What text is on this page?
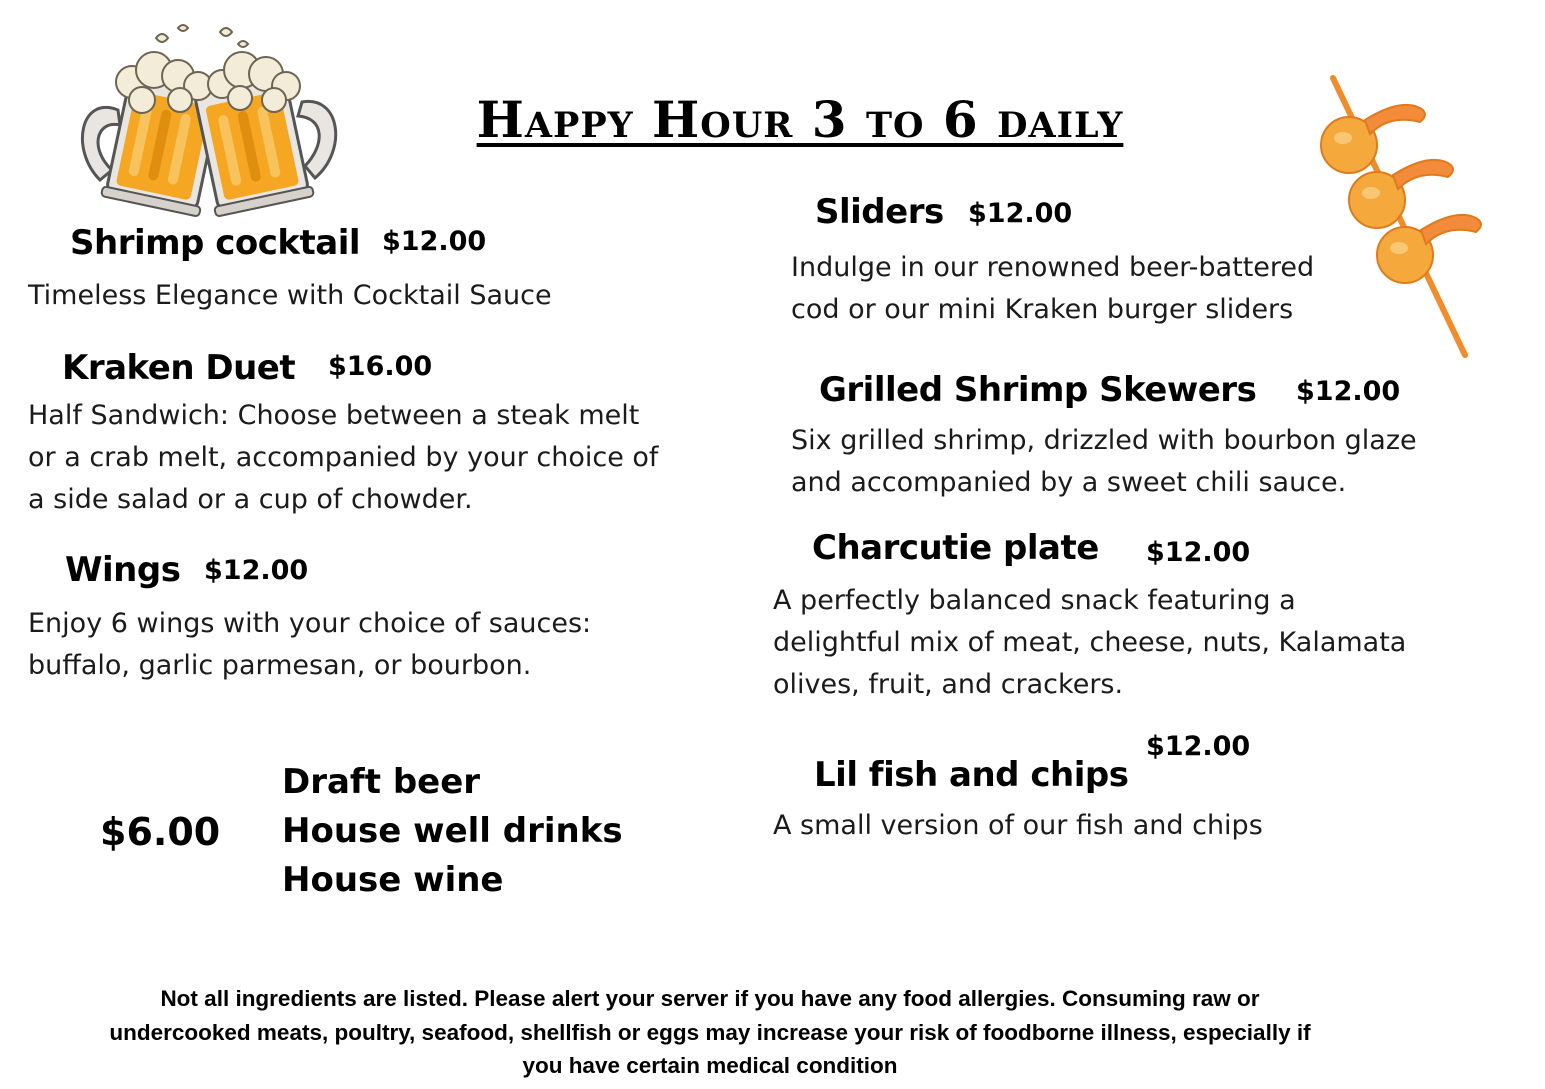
Happy Hour 3 to 6 daily
Shrimp cocktail $12.00
Timeless Elegance with Cocktail Sauce
Kraken Duet $16.00
Half Sandwich: Choose between a steak melt
or a crab melt, accompanied by your choice of
a side salad or a cup of chowder.
Wings $12.00
Enjoy 6 wings with your choice of sauces:
buffalo, garlic parmesan, or bourbon.
Sliders $12.00
Indulge in our renowned beer-battered
cod or our mini Kraken burger sliders
Grilled Shrimp Skewers $12.00
Six grilled shrimp, drizzled with bourbon glaze
and accompanied by a sweet chili sauce.
Charcutie plate $12.00
A perfectly balanced snack featuring a
delightful mix of meat, cheese, nuts, Kalamata
olives, fruit, and crackers.
$12.00
Lil fish and chips
A small version of our fish and chips
$6.00
Draft beer
House well drinks
House wine
Not all ingredients are listed. Please alert your server if you have any food allergies. Consuming raw or
undercooked meats, poultry, seafood, shellfish or eggs may increase your risk of foodborne illness, especially if
you have certain medical condition
